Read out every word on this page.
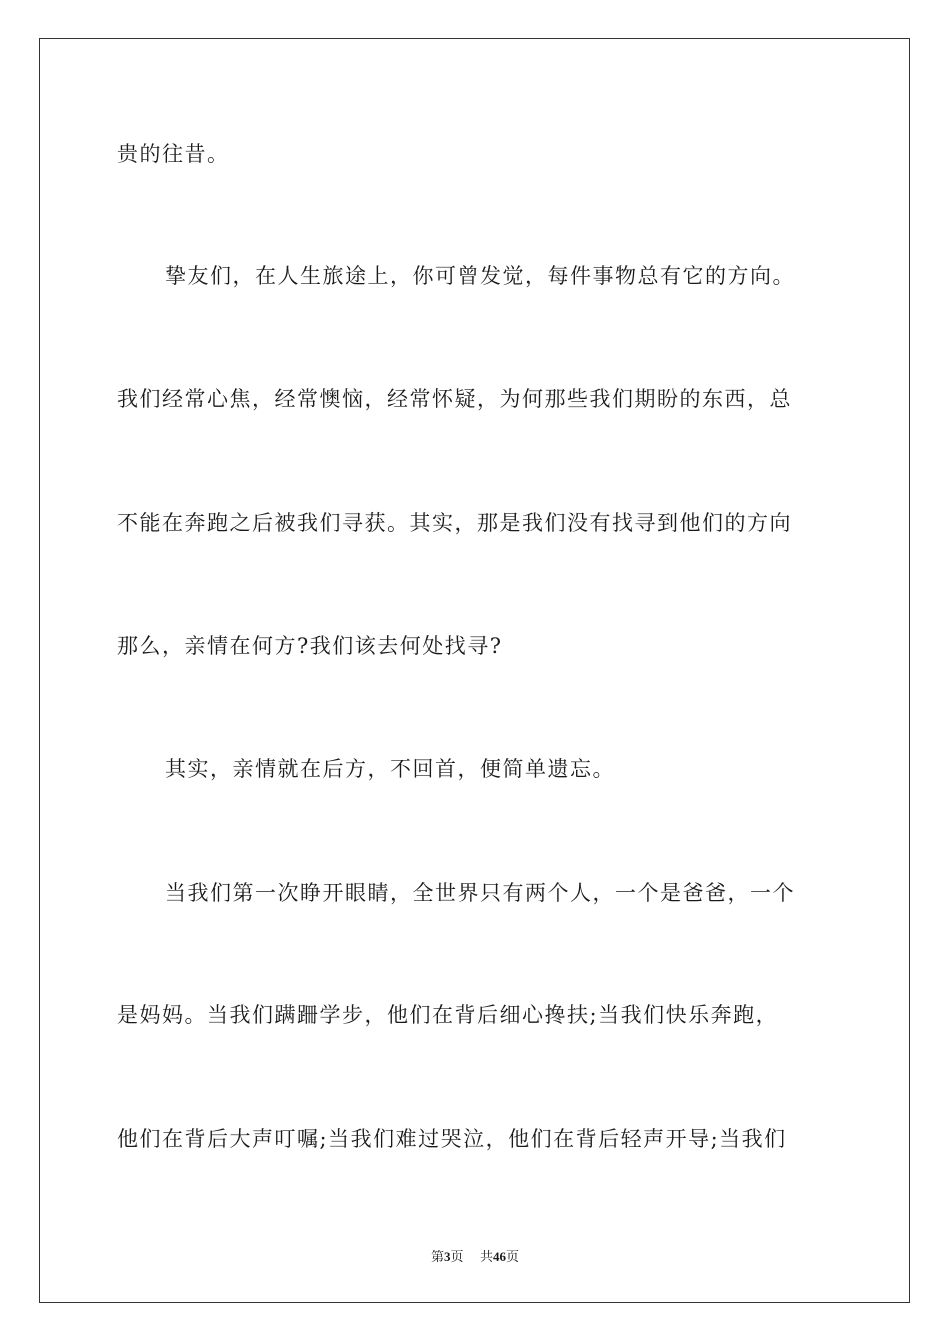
贵的往昔。
挚友们，在人生旅途上，你可曾发觉，每件事物总有它的方向。
我们经常心焦，经常懊恼，经常怀疑，为何那些我们期盼的东西，总
不能在奔跑之后被我们寻获。其实，那是我们没有找寻到他们的方向
那么，亲情在何方?我们该去何处找寻?
其实，亲情就在后方，不回首，便简单遗忘。
当我们第一次睁开眼睛，全世界只有两个人，一个是爸爸，一个
是妈妈。当我们蹒跚学步，他们在背后细心搀扶;当我们快乐奔跑，
他们在背后大声叮嘱;当我们难过哭泣，他们在背后轻声开导;当我们
第3页 共46页
